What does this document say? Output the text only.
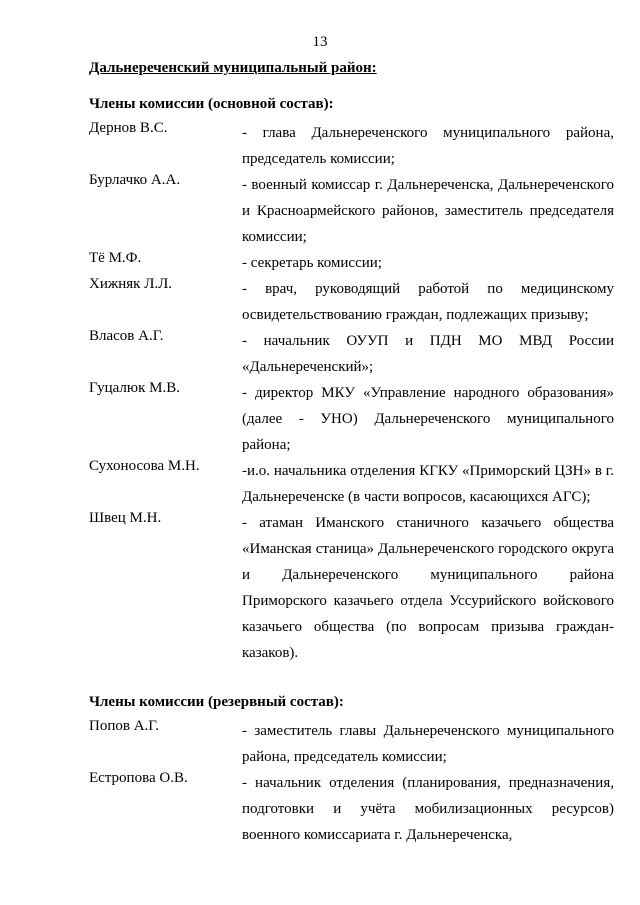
13
Дальнереченский муниципальный район:
Члены комиссии (основной состав):
Дернов В.С.	- глава Дальнереченского муниципального района, председатель комиссии;
Бурлачко А.А.	- военный комиссар г. Дальнереченска, Дальнереченского и Красноармейского районов, заместитель председателя комиссии;
Тё М.Ф.	- секретарь комиссии;
Хижняк Л.Л.	- врач, руководящий работой по медицинскому освидетельствованию граждан, подлежащих призыву;
Власов А.Г.	- начальник ОУУП и ПДН МО МВД России «Дальнереченский»;
Гуцалюк М.В.	- директор МКУ «Управление народного образования» (далее - УНО) Дальнереченского муниципального района;
Сухоносова М.Н.	-и.о. начальника отделения КГКУ «Приморский ЦЗН» в г. Дальнереченске (в части вопросов, касающихся АГС);
Швец М.Н.	- атаман Иманского станичного казачьего общества «Иманская станица» Дальнереченского городского округа и Дальнереченского муниципального района Приморского казачьего отдела Уссурийского войскового казачьего общества (по вопросам призыва граждан-казаков).
Члены комиссии (резервный состав):
Попов А.Г.	- заместитель главы Дальнереченского муниципального района, председатель комиссии;
Естропова О.В.	- начальник отделения (планирования, предназначения, подготовки и учёта мобилизационных ресурсов) военного комиссариата г. Дальнереченска,
